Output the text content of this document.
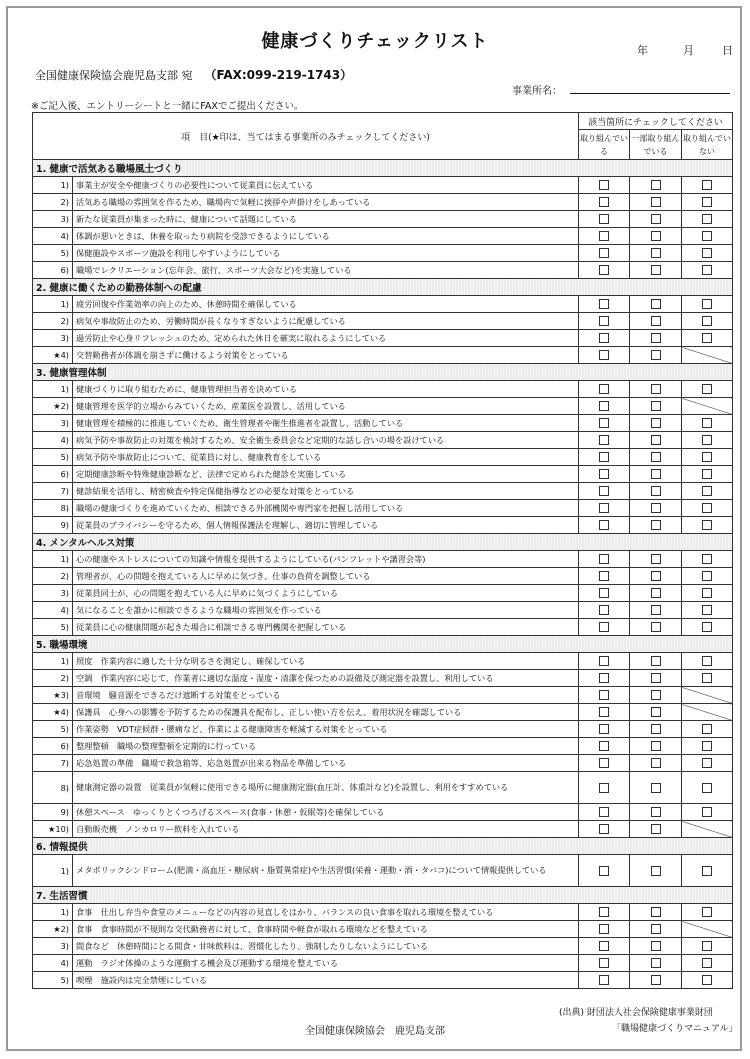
健康づくりチェックリスト	年	月	日
全国健康保険協会鹿児島支部 宛 （FAX:099-219-1743）
事業所名：
※ご記入後、エントリーシートと一緒にFAXでご提出ください。
項　目(★印は、当てはまる事業所のみチェックしてください)		該当箇所にチェックしてください		
		取り組んでいる	一部取り組んでいる	取り組んでいない
1. 健康で活気ある職場風土づくり				
1)	事業主が安全や健康づくりの必要性について従業員に伝えている			
2)	活気ある職場の雰囲気を作るため、職場内で気軽に挨拶や声掛けをしあっている			
3)	新たな従業員が集まった時に、健康について話題にしている			
4)	体調が悪いときは、休養を取ったり病院を受診できるようにしている			
5)	保健施設やスポーツ施設を利用しやすいようにしている			
6)	職場でレクリエーション(忘年会、旅行、スポーツ大会など)を実施している			
2. 健康に働くための勤務体制への配慮				
1)	疲労回復や作業効率の向上のため、休憩時間を確保している			
2)	病気や事故防止のため、労働時間が長くなりすぎないように配慮している			
3)	過労防止や心身リフレッシュのため、定められた休日を確実に取れるようにしている			
★4)	交替勤務者が体調を崩さずに働けるよう対策をとっている			
3. 健康管理体制				
1)	健康づくりに取り組むために、健康管理担当者を決めている			
★2)	健康管理を医学的立場からみていくため、産業医を設置し、活用している			
3)	健康管理を積極的に推進していくため、衛生管理者や衛生推進者を設置し、活動している			
4)	病気予防や事故防止の対策を検討するため、安全衛生委員会など定期的な話し合いの場を設けている			
5)	病気予防や事故防止について、従業員に対し、健康教育をしている			
6)	定期健康診断や特殊健康診断など、法律で定められた健診を実施している			
7)	健診結果を活用し、精密検査や特定保健指導などの必要な対策をとっている			
8)	職場の健康づくりを進めていくため、相談できる外部機関や専門家を把握し活用している			
9)	従業員のプライバシーを守るため、個人情報保護法を理解し、適切に管理している			
4. メンタルヘルス対策				
1)	心の健康やストレスについての知識や情報を提供するようにしている(パンフレットや講習会等)			
2)	管理者が、心の問題を抱えている人に早めに気づき、仕事の負荷を調整している			
3)	従業員同士が、心の問題を抱えている人に早めに気づくようにしている			
4)	気になることを誰かに相談できるような職場の雰囲気を作っている			
5)	従業員に心の健康問題が起きた場合に相談できる専門機関を把握している			
5. 職場環境				
1)	照度　作業内容に適した十分な明るさを測定し、確保している			
2)	空調　作業内容に応じて、作業者に適切な温度・湿度・清潔を保つための設備及び測定器を設置し、利用している			
★3)	音環境　騒音源をできるだけ遮断する対策をとっている			
★4)	保護具　心身への影響を予防するための保護具を配布し、正しい使い方を伝え、着用状況を確認している			
5)	作業姿勢　VDT症候群・腰痛など、作業による健康障害を軽減する対策をとっている			
6)	整理整頓　職場の整理整頓を定期的に行っている			
7)	応急処置の準備　職場で救急箱等、応急処置が出来る物品を準備している			
8)	健康測定器の設置　従業員が気軽に使用できる場所に健康測定器(血圧計、体重計など)を設置し、利用をすすめている			
9)	休憩スペース　ゆっくりとくつろげるスペース(食事・休憩・仮眠等)を確保している			
★10)	自動販売機　ノンカロリー飲料を入れている			
6. 情報提供				
1)	メタボリックシンドローム(肥満・高血圧・糖尿病・脂質異常症)や生活習慣(栄養・運動・酒・タバコ)について情報提供している			
7. 生活習慣				
1)	食事　仕出し弁当や食堂のメニューなどの内容の見直しをはかり、バランスの良い食事を取れる環境を整えている			
★2)	食事　食事時間が不規則な交代勤務者に対して、食事時間や軽食が取れる環境などを整えている			
3)	間食など　休憩時間にとる間食・甘味飲料は、習慣化したり、強制したりしないようにしている			
4)	運動　ラジオ体操のような運動する機会及び運動する環境を整えている			
5)	喫煙　施設内は完全禁煙にしている			
(出典) 財団法人社会保険健康事業財団
「職場健康づくりマニュアル」
全国健康保険協会　鹿児島支部
